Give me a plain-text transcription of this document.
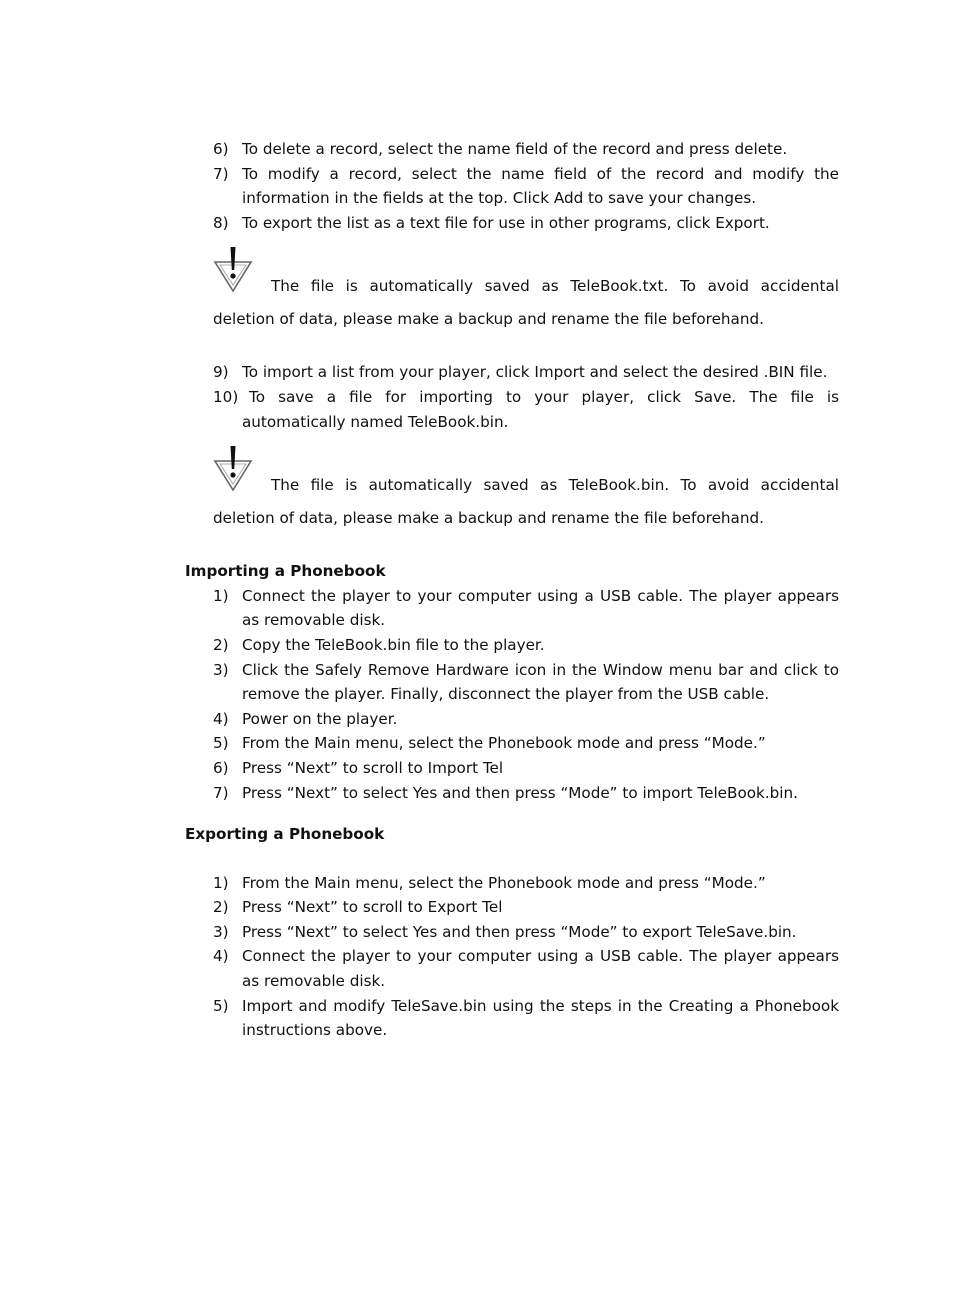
6) To delete a record, select the name field of the record and press delete.
7) To modify a record, select the name field of the record and modify the information in the fields at the top. Click Add to save your changes.
8) To export the list as a text file for use in other programs, click Export.
The file is automatically saved as TeleBook.txt. To avoid accidental
deletion of data, please make a backup and rename the file beforehand.
9) To import a list from your player, click Import and select the desired .BIN file.
10) To save a file for importing to your player, click Save. The file is automatically named TeleBook.bin.
The file is automatically saved as TeleBook.bin. To avoid accidental
deletion of data, please make a backup and rename the file beforehand.
Importing a Phonebook
1) Connect the player to your computer using a USB cable. The player appears as removable disk.
2) Copy the TeleBook.bin file to the player.
3) Click the Safely Remove Hardware icon in the Window menu bar and click to remove the player. Finally, disconnect the player from the USB cable.
4) Power on the player.
5) From the Main menu, select the Phonebook mode and press “Mode.”
6) Press “Next” to scroll to Import Tel
7) Press “Next” to select Yes and then press “Mode” to import TeleBook.bin.
Exporting a Phonebook
1) From the Main menu, select the Phonebook mode and press “Mode.”
2) Press “Next” to scroll to Export Tel
3) Press “Next” to select Yes and then press “Mode” to export TeleSave.bin.
4) Connect the player to your computer using a USB cable. The player appears as removable disk.
5) Import and modify TeleSave.bin using the steps in the Creating a Phonebook instructions above.
